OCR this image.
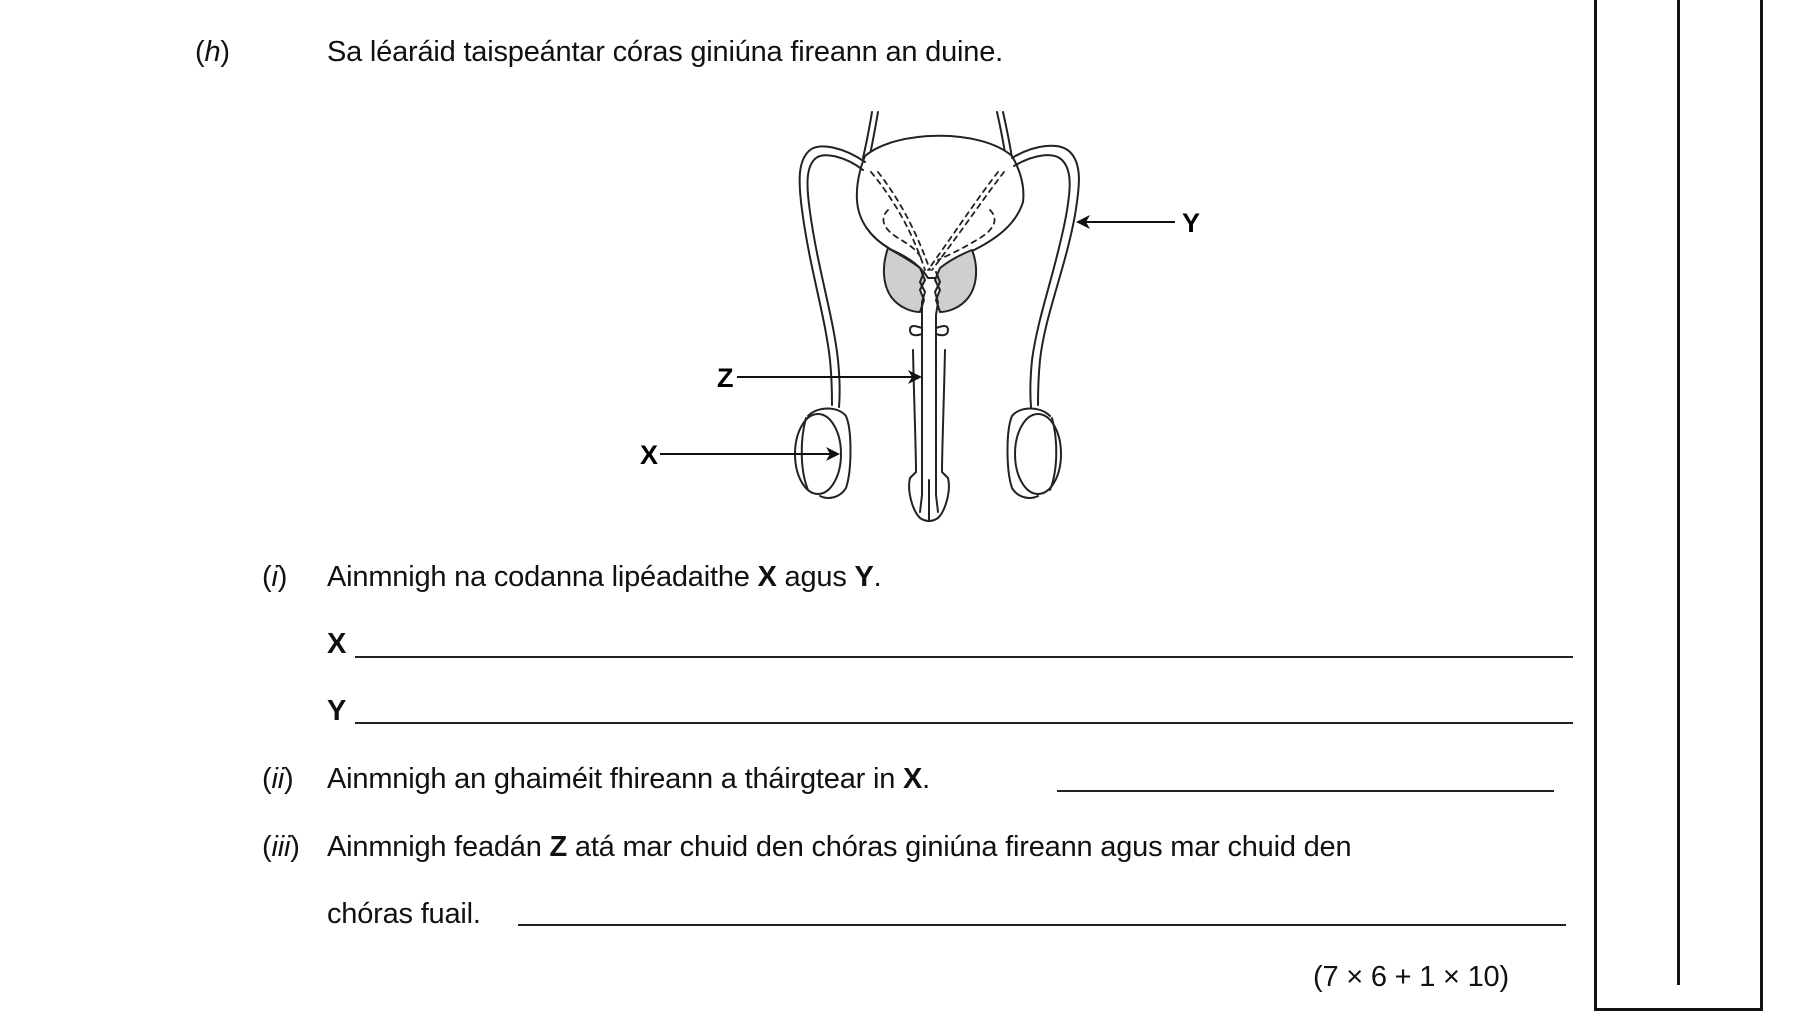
(h)	Sa léaráid taispeántar córas giniúna fireann an duine.
X
Z
Y
(i) Ainmnigh na codanna lipéadaithe X agus Y.
X
Y
(ii) Ainmnigh an ghaiméit fhireann a tháirgtear in X.
(iii) Ainmnigh feadán Z atá mar chuid den chóras giniúna fireann agus mar chuid den
chóras fuail.
(7 × 6 + 1 × 10)
